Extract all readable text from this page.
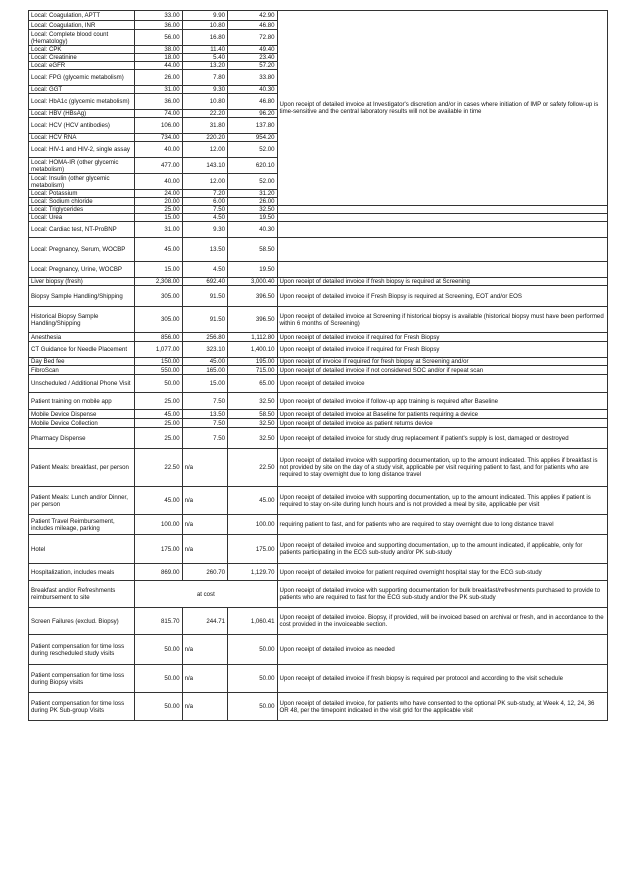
Local: Coagulation, APTT	33.00	9.90	42.90	Upon receipt of detailed invoice at Investigator's discretion and/or in cases where initiation of IMP or safety follow-up is time-sensitive and the central laboratory results will not be available in time
Local: Coagulation, INR	36.00	10.80	46.80	
Local: Complete blood count (Hematology)	56.00	16.80	72.80	
Local: CPK	38.00	11.40	49.40	
Local: Creatinine	18.00	5.40	23.40	
Local: eGFR	44.00	13.20	57.20	
Local: FPG (glycemic metabolism)	26.00	7.80	33.80	
Local: GGT	31.00	9.30	40.30	
Local: HbA1c (glycemic metabolism)	36.00	10.80	46.80	
Local: HBV (HBsAg)	74.00	22.20	96.20	
Local: HCV (HCV antibodies)	106.00	31.80	137.80	
Local: HCV RNA	734.00	220.20	954.20	
Local: HIV-1 and HIV-2, single assay	40.00	12.00	52.00	
Local: HOMA-IR (other glycemic metabolism)	477.00	143.10	620.10	
Local: Insulin (other glycemic metabolism)	40.00	12.00	52.00	
Local: Potassium	24.00	7.20	31.20	
Local: Sodium chloride	20.00	6.00	26.00	
Local: Triglycerides	25.00	7.50	32.50	
Local: Urea	15.00	4.50	19.50	
Local: Cardiac test, NT-ProBNP	31.00	9.30	40.30	
Local: Pregnancy, Serum, WOCBP	45.00	13.50	58.50	
Local: Pregnancy, Urine, WOCBP	15.00	4.50	19.50	
Liver biopsy (fresh)	2,308.00	692.40	3,000.40	Upon receipt of detailed invoice if fresh biopsy is required at Screening
Biopsy Sample Handling/Shipping	305.00	91.50	396.50	Upon receipt of detailed invoice if Fresh Biopsy is required at Screening, EOT and/or EOS
Historical Biopsy Sample Handling/Shipping	305.00	91.50	396.50	Upon receipt of detailed invoice at Screening if historical biopsy is available (historical biopsy must have been performed within 6 months of Screening)
Anesthesia	856.00	256.80	1,112.80	Upon receipt of detailed invoice if required for Fresh Biopsy
CT Guidance for Needle Placement	1,077.00	323.10	1,400.10	Upon receipt of detailed invoice if required for Fresh Biopsy
Day Bed fee	150.00	45.00	195.00	Upon receipt of invoice if required for fresh biopsy at Screening and/or
FibroScan	550.00	165.00	715.00	Upon receipt of detailed invoice if not considered SOC and/or if repeat scan
Unscheduled / Additional Phone Visit	50.00	15.00	65.00	Upon receipt of detailed invoice
Patient training on mobile app	25.00	7.50	32.50	Upon receipt of detailed invoice if follow-up app training is required after Baseline
Mobile Device Dispense	45.00	13.50	58.50	Upon receipt of detailed invoice at Baseline for patients requiring a device
Mobile Device Collection	25.00	7.50	32.50	Upon receipt of detailed invoice as patient returns device
Pharmacy Dispense	25.00	7.50	32.50	Upon receipt of detailed invoice for study drug replacement if patient's supply is lost, damaged or destroyed
Patient Meals: breakfast, per person	22.50	n/a	22.50	Upon receipt of detailed invoice with supporting documentation, up to the amount indicated. This applies if breakfast is not provided by site on the day of a study visit, applicable per visit requiring patient to fast, and for patients who are required to stay overnight due to long distance travel
Patient Meals: Lunch and/or Dinner, per person	45.00	n/a	45.00	Upon receipt of detailed invoice with supporting documentation, up to the amount indicated. This applies if patient is required to stay on-site during lunch hours and is not provided a meal by site, applicable per visit
Patient Travel Reimbursement, includes mileage, parking	100.00	n/a	100.00	requiring patient to fast, and for patients who are required to stay overnight due to long distance travel
Hotel	175.00	n/a	175.00	Upon receipt of detailed invoice and supporting documentation, up to the amount indicated, if applicable, only for patients participating in the ECG sub-study and/or PK sub-study
Hospitalization, includes meals	869.00	260.70	1,129.70	Upon receipt of detailed invoice for patient required overnight hospital stay for the ECG sub-study
Breakfast and/or Refreshments reimbursement to site	at cost			Upon receipt of detailed invoice with supporting documentation for bulk breakfast/refreshments purchased to provide to patients who are required to fast for the ECG sub-study and/or the PK sub-study
Screen Failures (exclud. Biopsy)	815.70	244.71	1,060.41	Upon receipt of detailed invoice. Biopsy, if provided, will be invoiced based on archival or fresh, and in accordance to the cost provided in the invoiceable section.
Patient compensation for time loss during rescheduled study visits	50.00	n/a	50.00	Upon receipt of detailed invoice as needed
Patient compensation for time loss during Biopsy visits	50.00	n/a	50.00	Upon receipt of detailed invoice if fresh biopsy is required per protocol and according to the visit schedule
Patient compensation for time loss during PK Sub-group Visits	50.00	n/a	50.00	Upon receipt of detailed invoice, for patients who have consented to the optional PK sub-study, at Week 4, 12, 24, 36 OR 48, per the timepoint indicated in the visit grid for the applicable visit
